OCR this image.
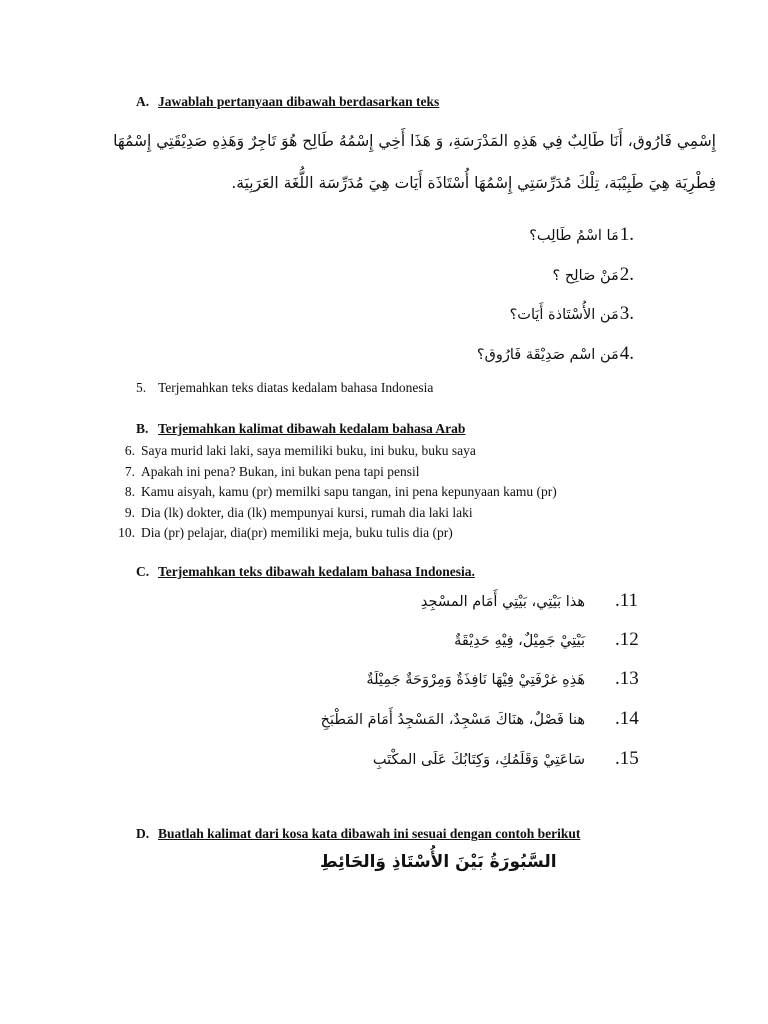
A. Jawablah pertanyaan dibawah berdasarkan teks
إِسْمِي فَارُوق، أَنَا طَالِبٌ فِي هَذِهِ المَدْرَسَةِ، وَ هَذَا أَخِي إِسْمُهُ طَالِح هُوَ تَاجِرٌ وَهَذِهِ صَدِيْقَتِي إِسْمُهَا
فِطْرِيَة هِيَ طَبِيْبَة، تِلْكَ مُدَرِّسَتِي إِسْمُهَا أُسْتَاذَة أَيَات هِيَ مُدَرِّسَة اللُّغَة العَرَبِيَة.
مَا اسْمُ طَالِب؟ 1.
مَنْ صَالِح ؟ 2.
مَن الأُسْتَاذة أَيَات؟ 3.
مَن اسْم صَدِيْقَة فَارُوق؟ 4.
5. Terjemahkan teks diatas kedalam bahasa Indonesia
B. Terjemahkan kalimat dibawah kedalam bahasa Arab
6. Saya murid laki laki, saya memiliki buku, ini buku, buku saya
7. Apakah ini pena? Bukan, ini bukan pena tapi pensil
8. Kamu aisyah, kamu (pr) memilki sapu tangan, ini pena kepunyaan kamu (pr)
9. Dia (lk) dokter, dia (lk) mempunyai kursi, rumah dia laki laki
10. Dia (pr) pelajar, dia(pr) memiliki meja, buku tulis dia (pr)
C. Terjemahkan teks dibawah kedalam bahasa Indonesia.
هذا بَيْتِي، بَيْتِي أَمَام المسْجِدِ .11
بَيْتِيْ جَمِيْلٌ، فِيْهِ حَدِيْقَةٌ .12
هَذِهِ غرْفَتِيْ فِيْهَا نَافِذَةٌ وَمِرْوَحَةٌ جَمِيْلَةٌ .13
هنا فَصْلٌ، هنَاكَ مَسْجِدٌ، المَسْجِدُ أَمَامَ المَطْبَخِ .14
سَاعَتِيْ وَقَلَمُكِ، وَكِتَابُكَ عَلَى المكْتَبِ .15
D. Buatlah kalimat dari kosa kata dibawah ini sesuai dengan contoh berikut
السَّبُورَةُ بَيْنَ الأُسْتَاذِ وَالحَائِطِ
